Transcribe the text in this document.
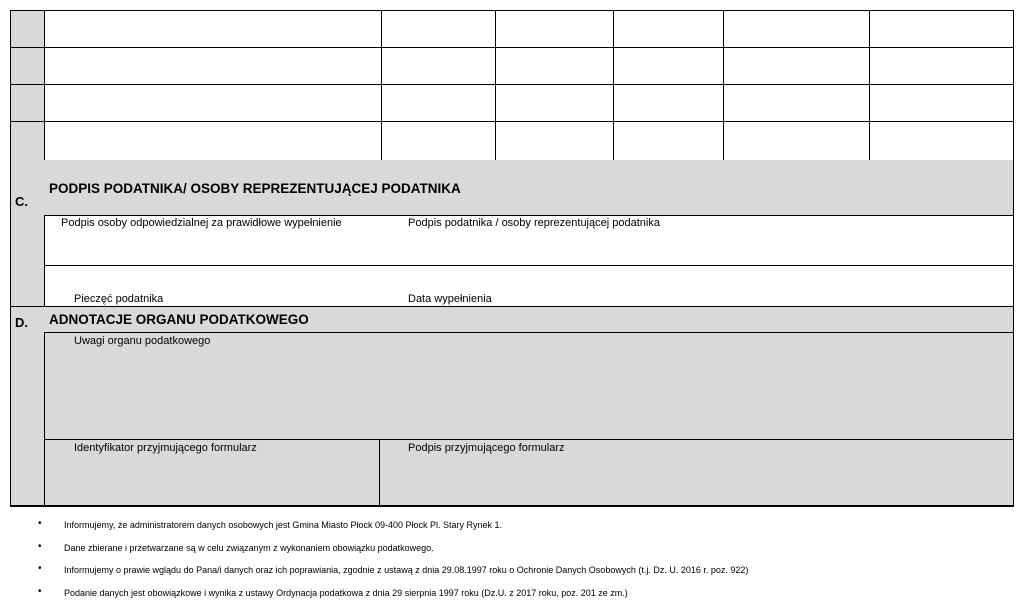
C.
PODPIS PODATNIKA/ OSOBY REPREZENTUJĄCEJ PODATNIKA
Podpis osoby odpowiedzialnej za prawidłowe wypełnienie	Podpis podatnika / osoby reprezentującej podatnika
Pieczęć podatnika	Data wypełnienia
D. ADNOTACJE ORGANU PODATKOWEGO
Uwagi organu podatkowego
Identyfikator przyjmującego formularz	Podpis przyjmującego formularz
• Informujemy, że administratorem danych osobowych jest Gmina Miasto Płock 09-400 Płock Pl. Stary Rynek 1.
• Dane zbierane i przetwarzane są w celu związanym z wykonaniem obowiązku podatkowego.
• Informujemy o prawie wglądu do Pana/i danych oraz ich poprawiania, zgodnie z ustawą z dnia 29.08.1997 roku o Ochronie Danych Osobowych (t.j. Dz. U. 2016 r. poz. 922)
• Podanie danych jest obowiązkowe i wynika z ustawy Ordynacja podatkowa z dnia 29 sierpnia 1997 roku (Dz.U. z 2017 roku, poz. 201 ze zm.)
